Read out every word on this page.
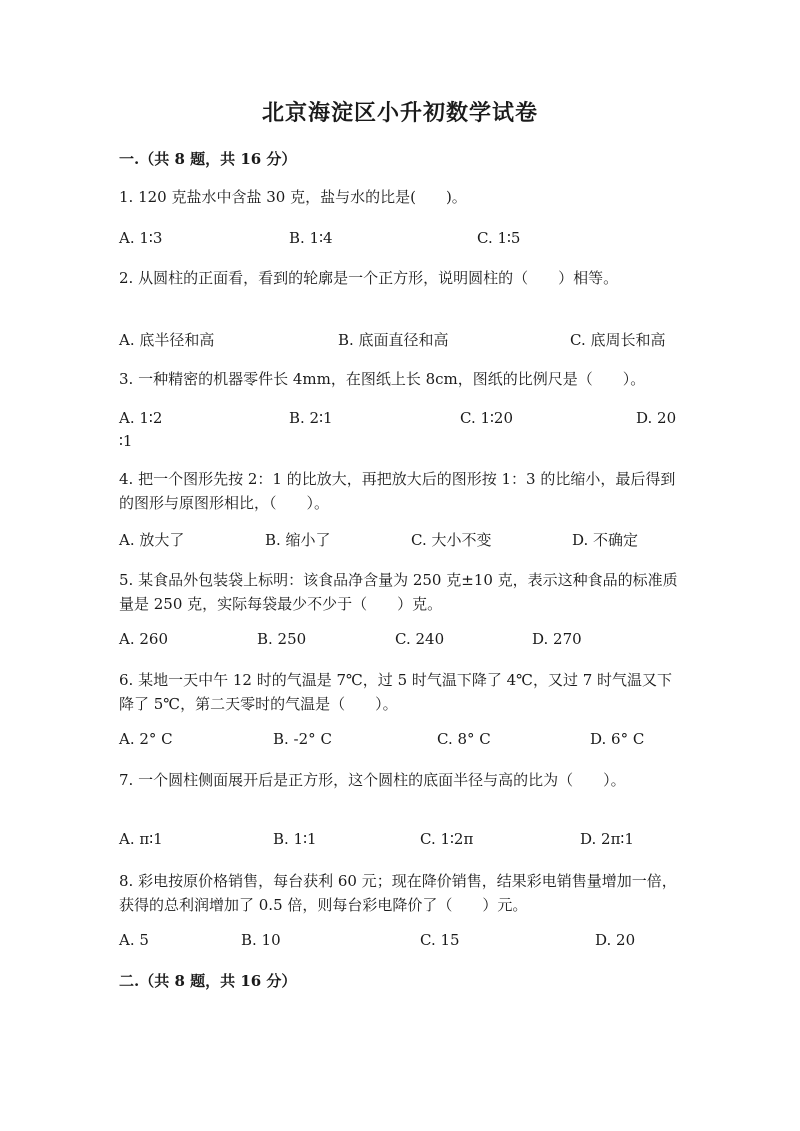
北京海淀区小升初数学试卷
一.（共 8 题，共 16 分）
1. 120 克盐水中含盐 30 克，盐与水的比是(　　)。
A. 1∶3	B. 1∶4	C. 1∶5
2. 从圆柱的正面看，看到的轮廓是一个正方形，说明圆柱的（　　）相等。
A. 底半径和高	B. 底面直径和高	C. 底周长和高
3. 一种精密的机器零件长 4mm，在图纸上长 8cm，图纸的比例尺是（　　）。
A. 1∶2	B. 2∶1	C. 1∶20	D. 20
∶1
4. 把一个图形先按 2：1 的比放大，再把放大后的图形按 1：3 的比缩小，最后得到的图形与原图形相比，（　　）。
A. 放大了	B. 缩小了	C. 大小不变	D. 不确定
5. 某食品外包装袋上标明：该食品净含量为 250 克±10 克，表示这种食品的标准质量是 250 克，实际每袋最少不少于（　　）克。
A. 260	B. 250	C. 240	D. 270
6. 某地一天中午 12 时的气温是 7℃，过 5 时气温下降了 4℃，又过 7 时气温又下降了 5℃，第二天零时的气温是（　　）。
A. 2° C	B. -2° C	C. 8° C	D. 6° C
7. 一个圆柱侧面展开后是正方形，这个圆柱的底面半径与高的比为（　　）。
A. π∶1	B. 1∶1	C. 1∶2π	D. 2π∶1
8. 彩电按原价格销售，每台获利 60 元；现在降价销售，结果彩电销售量增加一倍，获得的总利润增加了 0.5 倍，则每台彩电降价了（　　）元。
A. 5	B. 10	C. 15	D. 20
二.（共 8 题，共 16 分）
